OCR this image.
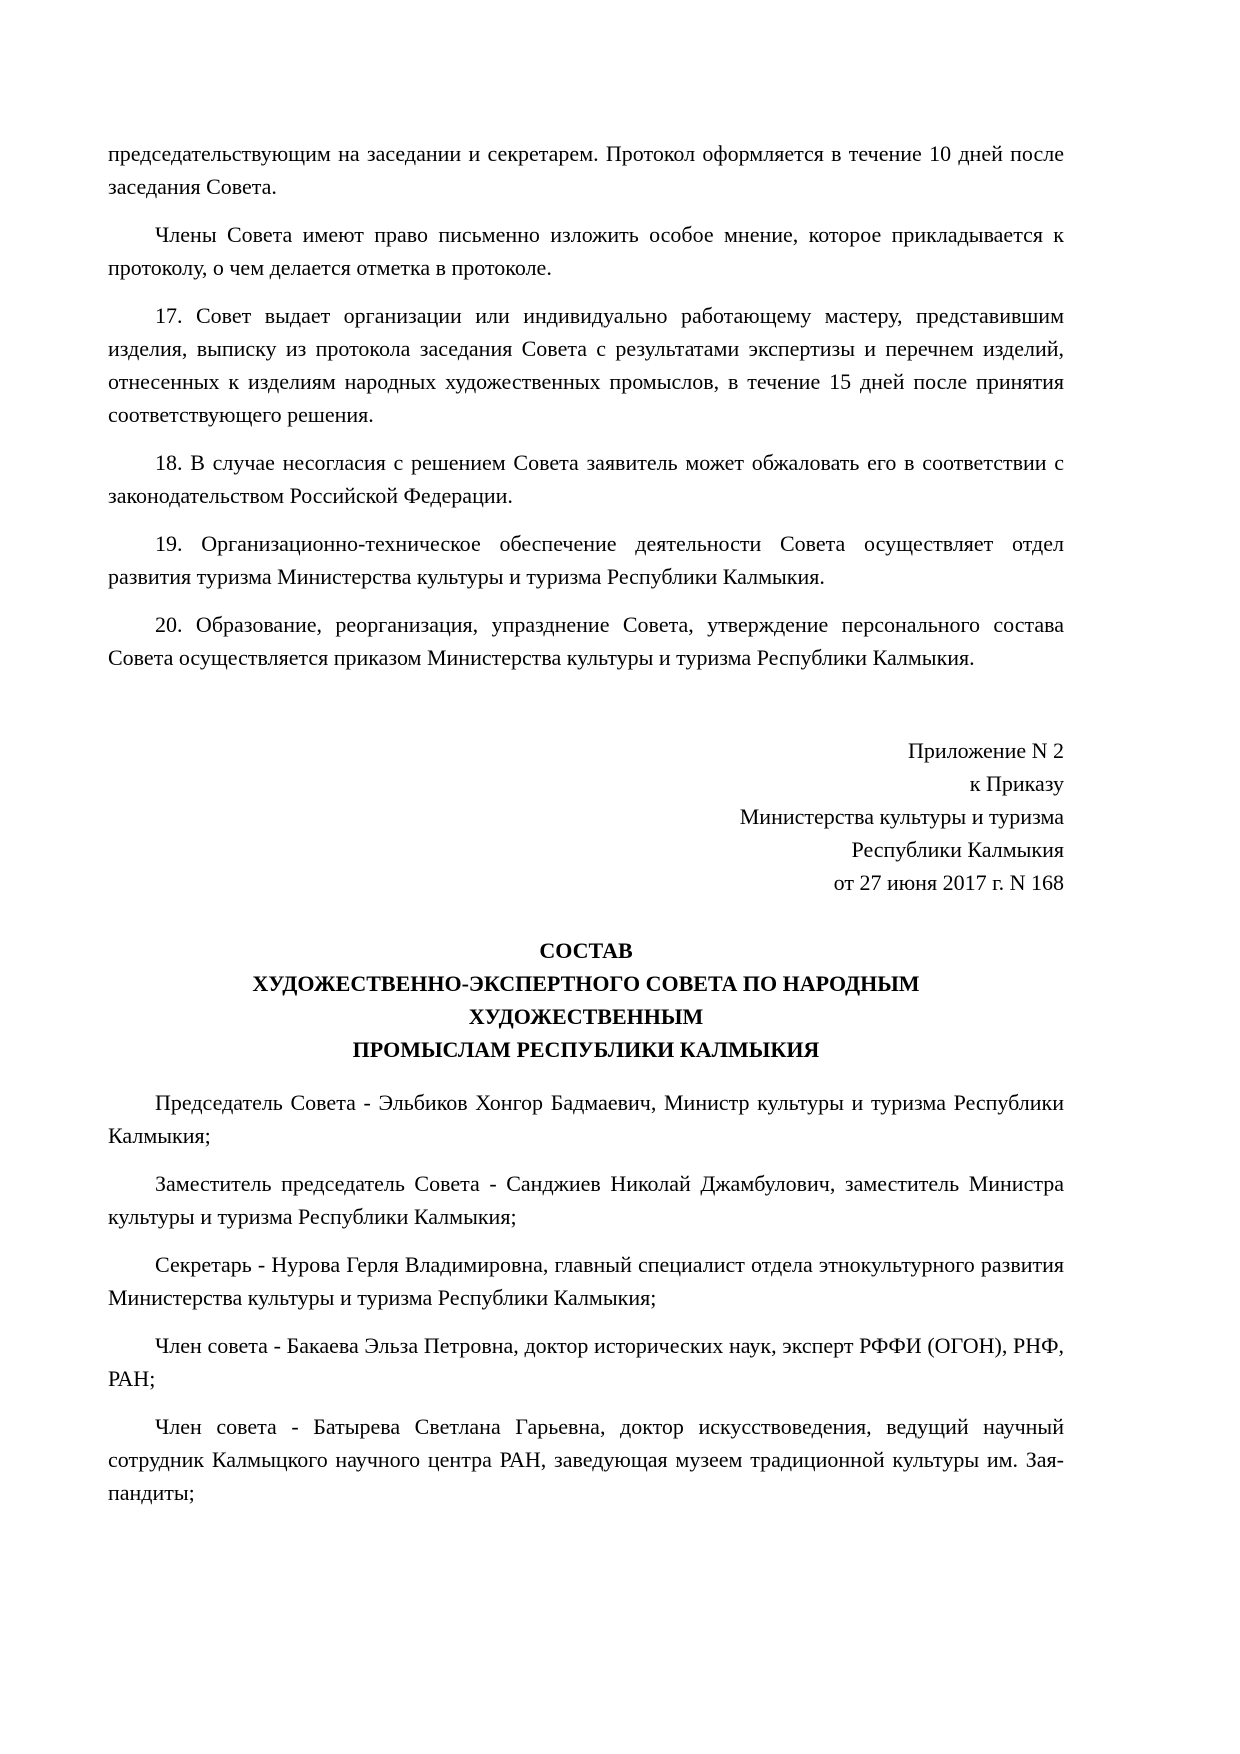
председательствующим на заседании и секретарем. Протокол оформляется в течение 10 дней после заседания Совета.

Члены Совета имеют право письменно изложить особое мнение, которое прикладывается к протоколу, о чем делается отметка в протоколе.

17. Совет выдает организации или индивидуально работающему мастеру, представившим изделия, выписку из протокола заседания Совета с результатами экспертизы и перечнем изделий, отнесенных к изделиям народных художественных промыслов, в течение 15 дней после принятия соответствующего решения.

18. В случае несогласия с решением Совета заявитель может обжаловать его в соответствии с законодательством Российской Федерации.

19. Организационно-техническое обеспечение деятельности Совета осуществляет отдел развития туризма Министерства культуры и туризма Республики Калмыкия.

20. Образование, реорганизация, упразднение Совета, утверждение персонального состава Совета осуществляется приказом Министерства культуры и туризма Республики Калмыкия.

Приложение N 2
к Приказу
Министерства культуры и туризма
Республики Калмыкия
от 27 июня 2017 г. N 168
СОСТАВ
ХУДОЖЕСТВЕННО-ЭКСПЕРТНОГО СОВЕТА ПО НАРОДНЫМ
ХУДОЖЕСТВЕННЫМ
ПРОМЫСЛАМ РЕСПУБЛИКИ КАЛМЫКИЯ

Председатель Совета - Эльбиков Хонгор Бадмаевич, Министр культуры и туризма Республики Калмыкия;

Заместитель председатель Совета - Санджиев Николай Джамбулович, заместитель Министра культуры и туризма Республики Калмыкия;

Секретарь - Нурова Герля Владимировна, главный специалист отдела этнокультурного развития Министерства культуры и туризма Республики Калмыкия;

Член совета - Бакаева Эльза Петровна, доктор исторических наук, эксперт РФФИ (ОГОН), РНФ, РАН;

Член совета - Батырева Светлана Гарьевна, доктор искусствоведения, ведущий научный сотрудник Калмыцкого научного центра РАН, заведующая музеем традиционной культуры им. Зая-пандиты;
